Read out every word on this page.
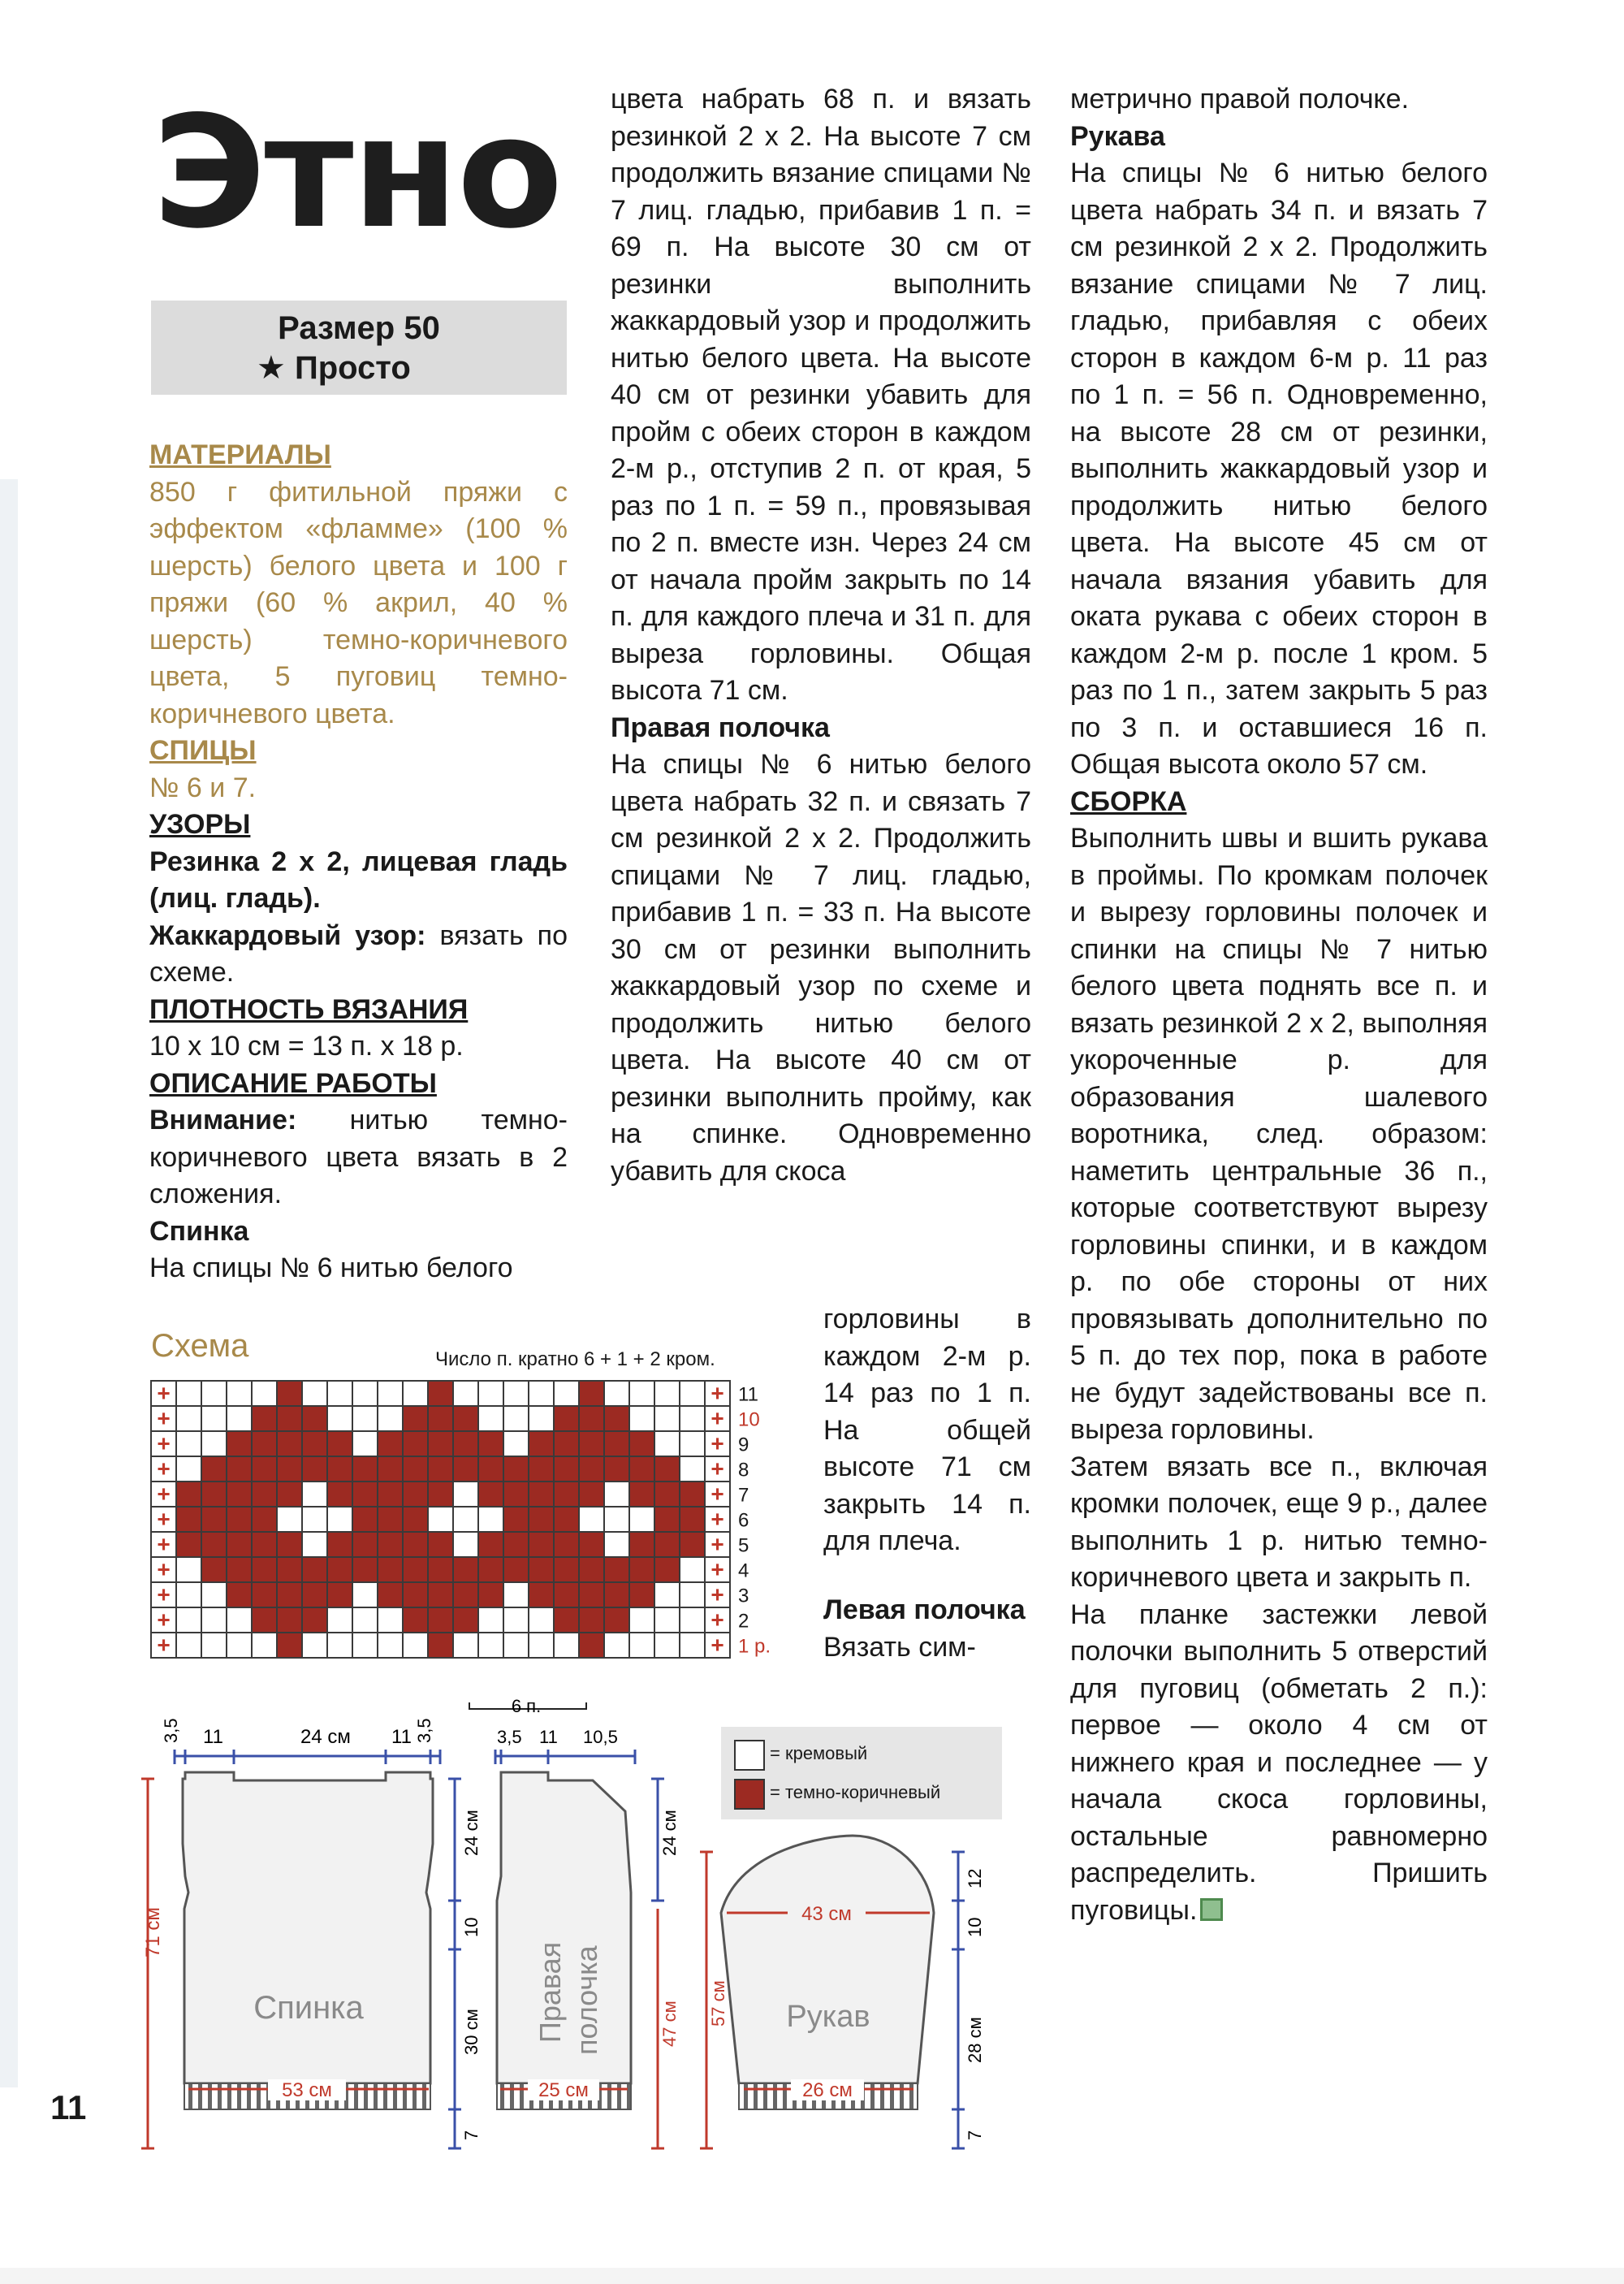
Этно
Размер 50
★ Просто

МАТЕРИАЛЫ

850 г фитильной пряжи с эффектом «фламме» (100 % шерсть) белого цвета и 100 г пряжи (60 % акрил, 40 % шерсть) темно-коричневого цвета, 5 пуговиц темно-коричневого цвета.

СПИЦЫ

№ 6 и 7.

УЗОРЫ

Резинка 2 х 2, лицевая гладь (лиц. гладь).

Жаккардовый узор: вязать по схеме.

ПЛОТНОСТЬ ВЯЗАНИЯ

10 х 10 см = 13 п. х 18 р.

ОПИСАНИЕ РАБОТЫ

Внимание: нитью темно-коричневого цвета вязать в 2 сложения.

Спинка

На спицы № 6 нитью белого

цвета набрать 68 п. и вязать резинкой 2 х 2. На высоте 7 см продолжить вязание спицами № 7 лиц. гладью, прибавив 1 п. = 69 п. На высоте 30 см от резинки выполнить жаккардовый узор и продолжить нитью белого цвета. На высоте 40 см от резинки убавить для пройм с обеих сторон в каждом 2-м р., отступив 2 п. от края, 5 раз по 1 п. = 59 п., провязывая по 2 п. вместе изн. Через 24 см от начала пройм закрыть по 14 п. для каждого плеча и 31 п. для выреза горловины. Общая высота 71 см.

Правая полочка

На спицы № 6 нитью белого цвета набрать 32 п. и связать 7 см резинкой 2 х 2. Продолжить спицами № 7 лиц. гладью, прибавив 1 п. = 33 п. На высоте 30 см от резинки выполнить жаккардовый узор по схеме и продолжить нитью белого цвета. На высоте 40 см от резинки выполнить пройму, как на спинке. Одновременно убавить для скоса

горловины в каждом 2-м р. 14 раз по 1 п. На общей высоте 71 см закрыть 14 п. для плеча.

Левая полочка

Вязать сим-

метрично правой полочке.

Рукава

На спицы № 6 нитью белого цвета набрать 34 п. и вязать 7 см резинкой 2 х 2. Продолжить вязание спицами № 7 лиц. гладью, прибавляя с обеих сторон в каждом 6-м р. 11 раз по 1 п. = 56 п. Одновременно, на высоте 28 см от резинки, выполнить жаккардовый узор и продолжить нитью белого цвета. На высоте 45 см от начала вязания убавить для оката рукава с обеих сторон в каждом 2-м р. после 1 кром. 5 раз по 1 п., затем закрыть 5 раз по 3 п. и оставшиеся 16 п. Общая высота около 57 см.

СБОРКА

Выполнить швы и вшить рукава в проймы. По кромкам полочек и вырезу горловины полочек и спинки на спицы № 7 нитью белого цвета поднять все п. и вязать резинкой 2 х 2, выполняя укороченные р. для образования шалевого воротника, след. образом: наметить центральные 36 п., которые соответствуют вырезу горловины спинки, и в каждом р. по обе стороны от них провязывать дополнительно по 5 п. до тех пор, пока в работе не будут задействованы все п. выреза горловины.

Затем вязать все п., включая кромки полочек, еще 9 р., далее выполнить 1 р. нитью темно-коричневого цвета и закрыть п.

На планке застежки левой полочки выполнить 5 отверстий для пуговиц (обметать 2 п.): первое — около 4 см от нижнего края и последнее — у начала скоса горловины, остальные равномерно распределить. Пришить пуговицы.

11
Схема	Число п. кратно 6 + 1 + 2 кром.
+	+
+	+
+	+
+	+
+	+
+	+
+	+
+	+
+	+
+	+
+	+ 1 р.
2
3
4
5
6
7
8
9
10
11
6 п.
= кремовый
= темно-коричневый
Спинка
3,5 11	24 см 11 3,5
71 см
24 см
10
30 см
7
53 см
Правая полочка
3,5 11 10,5
24 см
47 см
25 см
Рукав
43 см
57 см
12
10
28 см
7
26 см
